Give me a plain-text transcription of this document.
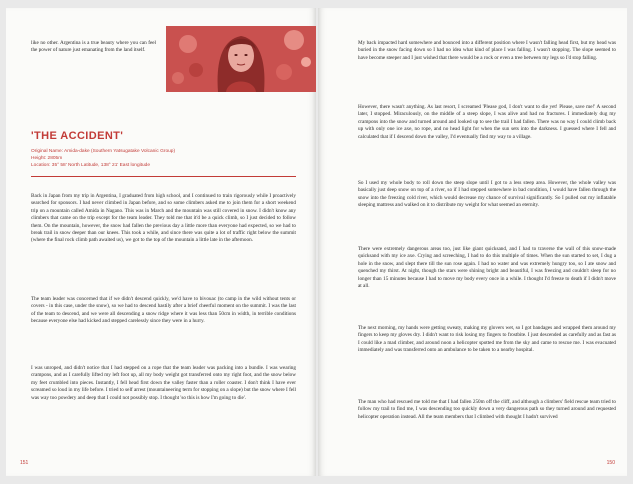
like no other. Argentina is a true beauty where you can feel the power of nature just emanating from the land itself.

'THE ACCIDENT'

Original Name: Amida-dake (Southern Yatsugatake Volcanic Group)

Height: 2805m

Location: 35° 58' North Latitude, 138° 21' East longitude

Back in Japan from my trip in Argentina, I graduated from high school, and I continued to train rigorously while I proactively searched for sponsors. I had never climbed in Japan before, and so some climbers asked me to join them for a short weekend trip on a mountain called Amida in Nagano. This was in March and the mountain was still covered in snow. I didn't know any climbers that came on the trip except for the team leader. They told me that it'd be a quick climb, so I just decided to follow them. On the mountain, however, the snow had fallen the previous day a little more than everyone had expected, so we had to break trail in snow deeper than our knees. This took a while, and since there was quite a lot of traffic right below the summit (where the final rock climb path awaited us), we got to the top of the mountain a little late in the afternoon.

The team leader was concerned that if we didn't descend quickly, we'd have to bivouac (to camp in the wild without tents or covers - in this case, under the snow), so we had to descend hastily after a brief cheerful moment on the summit. I was the last of the team to descend, and we were all descending a snow ridge where it was less than 50cm in width, in terrible conditions because everyone else had kicked and stepped carelessly since they were in a hurry.

I was unroped, and didn't notice that I had stepped on a rope that the team leader was packing into a bundle. I was wearing crampons, and as I carefully lifted my left foot up, all my body weight got transferred onto my right foot, and the snow below my feet crumbled into pieces. Instantly, I fell head first down the valley faster than a roller coaster. I don't think I have ever screamed so loud in my life before. I tried to self arrest (mountaineering term for stopping on a slope) but the snow where I fell was way too powdery and deep that I could not possibly stop. I thought 'so this is how I'm going to die'.

151

My back impacted hard somewhere and bounced into a different position where I wasn't falling head first, but my head was buried in the snow facing down so I had no idea what kind of place I was falling. I wasn't stopping. The slope seemed to have become steeper and I just wished that there would be a rock or even a tree between my legs so I'd stop falling.

However, there wasn't anything. As last resort, I screamed 'Please god, I don't want to die yet! Please, save me!' A second later, I stopped. Miraculously, on the middle of a steep slope, I was alive and had no fractures. I immediately dug my crampons into the snow and turned around and looked up to see the trail I had fallen. There was no way I could climb back up with only one ice axe, no rope, and no head light for when the sun sets into the darkness. I guessed where I fell and calculated that if I descend down the valley, I'd eventually find my way to a village.

So I used my whole body to roll down the steep slope until I got to a less steep area. However, the whole valley was basically just deep snow on top of a river, so if I had stepped somewhere in bad condition, I would have fallen through the snow into the freezing cold river, which would decrease my chance of survival significantly. So I pulled out my inflatable sleeping mattress and walked on it to distribute my weight for what seemed an eternity.

There were extremely dangerous areas too, just like giant quicksand, and I had to traverse the wall of this snow-made quicksand with my ice axe. Crying and screeching, I had to do this multiple of times. When the sun started to set, I dug a hole in the snow, and slept there till the sun rose again. I had no water and was extremely hungry too, so I ate snow and quenched my thirst. At night, though the stars were shining bright and beautiful, I was freezing and couldn't sleep for no longer than 15 minutes because I had to move my body every once in a while. I thought I'd freeze to death if I didn't move at all.

The next morning, my hands were getting sweaty, making my glovers wet, so I got bandages and wrapped them around my fingers to keep my gloves dry. I didn't want to risk losing my fingers to frostbite. I just descended as carefully and as fast as I could like a mad climber, and around noon a helicopter spotted me from the sky and came to rescue me. I was evacuated immediately and was transferred onto an ambulance to be taken to a nearby hospital.

The man who had rescued me told me that I had fallen 250m off the cliff, and although a climbers' field rescue team tried to follow my trail to find me, I was descending too quickly down a very dangerous path so they turned around and requested helicopter operation instead. All the team members that I climbed with thought I hadn't survived

150
